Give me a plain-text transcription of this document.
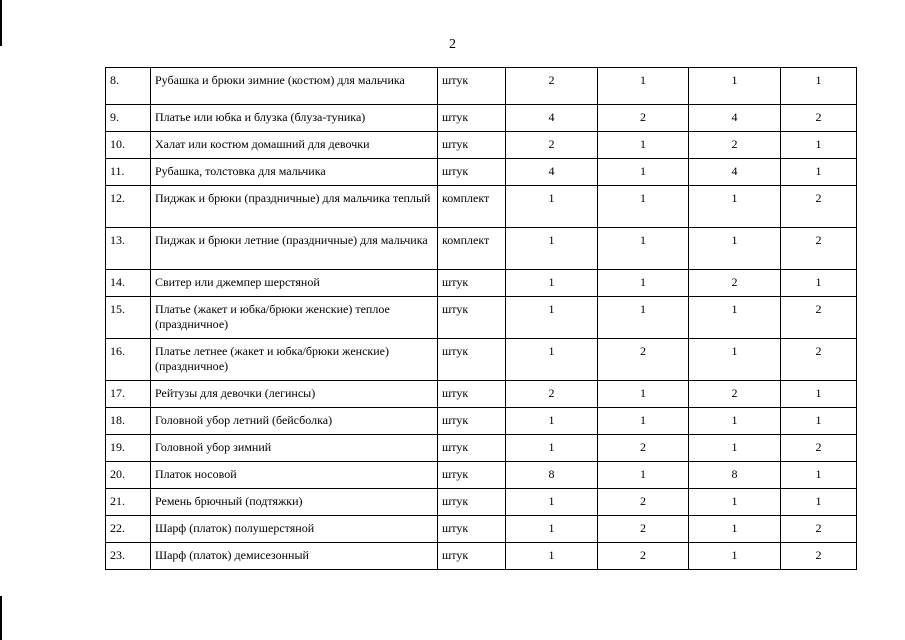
2
8.	Рубашка и брюки зимние (костюм) для мальчика	штук	2	1	1	1
9.	Платье или юбка и блузка (блуза-туника)	штук	4	2	4	2
10.	Халат или костюм домашний для девочки	штук	2	1	2	1
11.	Рубашка, толстовка для мальчика	штук	4	1	4	1
12.	Пиджак и брюки (праздничные) для мальчика теплый	комплект	1	1	1	2
13.	Пиджак и брюки летние (праздничные) для мальчика	комплект	1	1	1	2
14.	Свитер или джемпер шерстяной	штук	1	1	2	1
15.	Платье (жакет и юбка/брюки женские) теплое (праздничное)	штук	1	1	1	2
16.	Платье летнее (жакет и юбка/брюки женские) (праздничное)	штук	1	2	1	2
17.	Рейтузы для девочки (легинсы)	штук	2	1	2	1
18.	Головной убор летний (бейсболка)	штук	1	1	1	1
19.	Головной убор зимний	штук	1	2	1	2
20.	Платок носовой	штук	8	1	8	1
21.	Ремень брючный (подтяжки)	штук	1	2	1	1
22.	Шарф (платок) полушерстяной	штук	1	2	1	2
23.	Шарф (платок) демисезонный	штук	1	2	1	2
